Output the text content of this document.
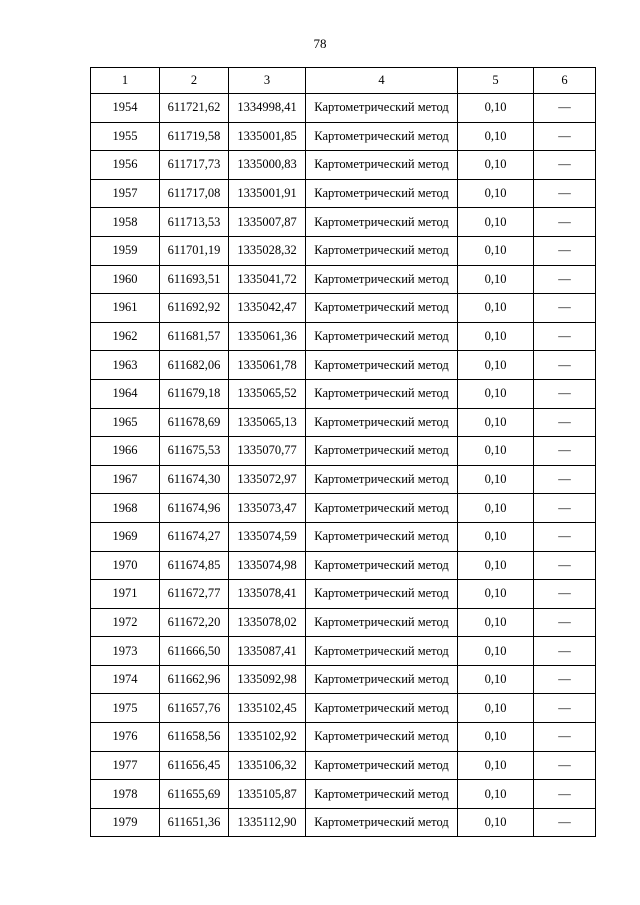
78
1	2	3	4	5	6
1954	611721,62	1334998,41	Картометрический метод	0,10	—
1955	611719,58	1335001,85	Картометрический метод	0,10	—
1956	611717,73	1335000,83	Картометрический метод	0,10	—
1957	611717,08	1335001,91	Картометрический метод	0,10	—
1958	611713,53	1335007,87	Картометрический метод	0,10	—
1959	611701,19	1335028,32	Картометрический метод	0,10	—
1960	611693,51	1335041,72	Картометрический метод	0,10	—
1961	611692,92	1335042,47	Картометрический метод	0,10	—
1962	611681,57	1335061,36	Картометрический метод	0,10	—
1963	611682,06	1335061,78	Картометрический метод	0,10	—
1964	611679,18	1335065,52	Картометрический метод	0,10	—
1965	611678,69	1335065,13	Картометрический метод	0,10	—
1966	611675,53	1335070,77	Картометрический метод	0,10	—
1967	611674,30	1335072,97	Картометрический метод	0,10	—
1968	611674,96	1335073,47	Картометрический метод	0,10	—
1969	611674,27	1335074,59	Картометрический метод	0,10	—
1970	611674,85	1335074,98	Картометрический метод	0,10	—
1971	611672,77	1335078,41	Картометрический метод	0,10	—
1972	611672,20	1335078,02	Картометрический метод	0,10	—
1973	611666,50	1335087,41	Картометрический метод	0,10	—
1974	611662,96	1335092,98	Картометрический метод	0,10	—
1975	611657,76	1335102,45	Картометрический метод	0,10	—
1976	611658,56	1335102,92	Картометрический метод	0,10	—
1977	611656,45	1335106,32	Картометрический метод	0,10	—
1978	611655,69	1335105,87	Картометрический метод	0,10	—
1979	611651,36	1335112,90	Картометрический метод	0,10	—
